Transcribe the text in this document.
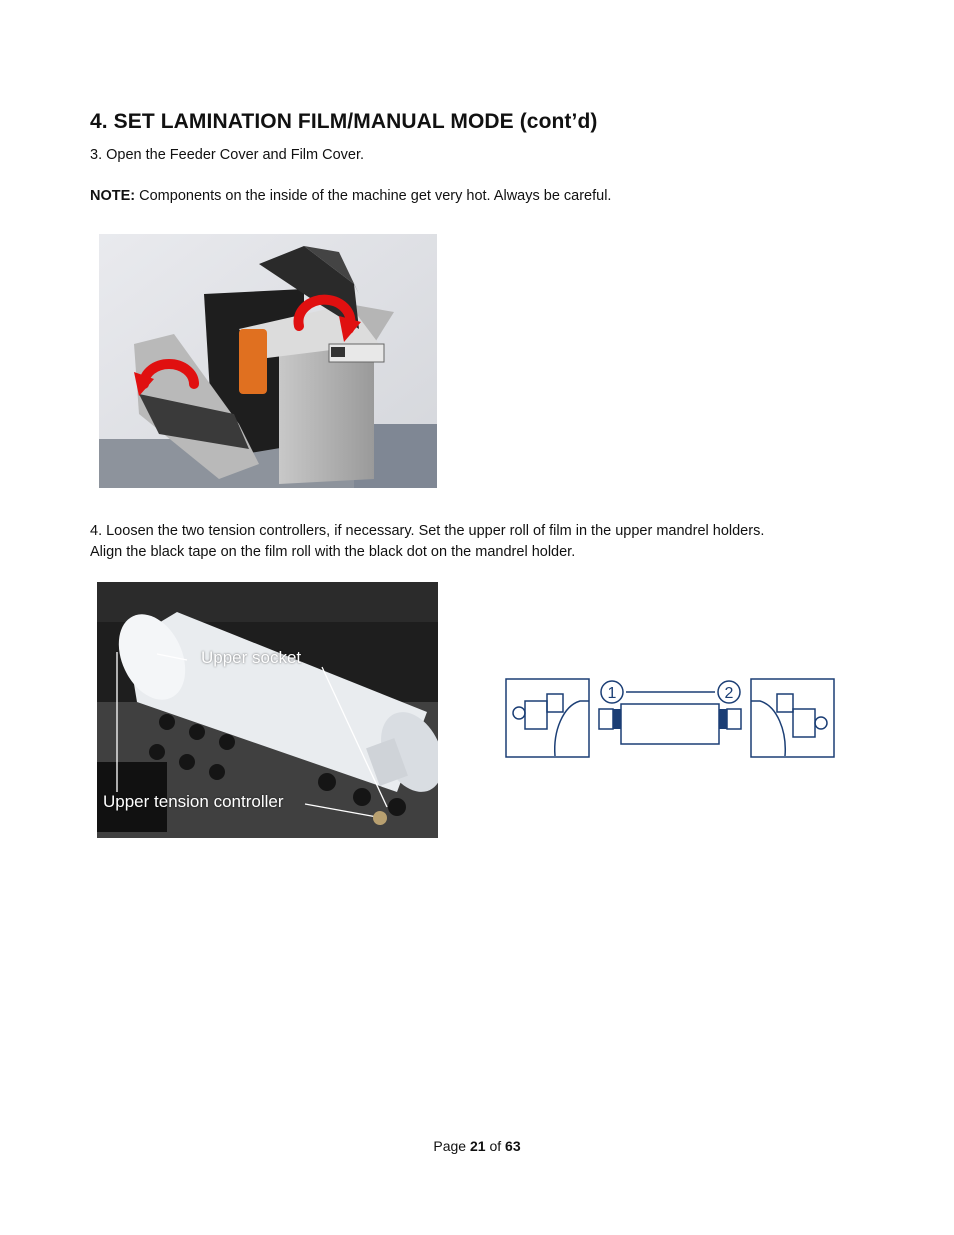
4. SET LAMINATION FILM/MANUAL MODE (cont’d)
3. Open the Feeder Cover and Film Cover.
NOTE: Components on the inside of the machine get very hot. Always be careful.
4. Loosen the two tension controllers, if necessary. Set the upper roll of film in the upper mandrel holders.
Align the black tape on the film roll with the black dot on the mandrel holder.
Upper socket
Upper tension controller
1	2
Page 21 of 63
